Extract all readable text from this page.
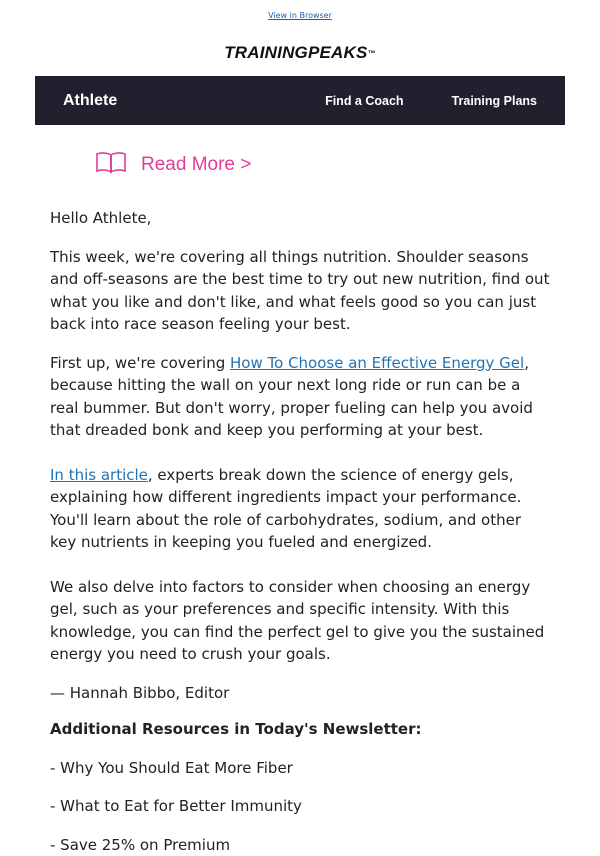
View in Browser
TRAININGPEAKS ™
Athlete	Find a Coach	Training Plans
Read More >

Hello Athlete,

This week, we're covering all things nutrition. Shoulder seasons and off-seasons are the best time to try out new nutrition, find out what you like and don't like, and what feels good so you can just back into race season feeling your best.

First up, we're covering How To Choose an Effective Energy Gel, because hitting the wall on your next long ride or run can be a real bummer. But don't worry, proper fueling can help you avoid that dreaded bonk and keep you performing at your best.

In this article, experts break down the science of energy gels, explaining how different ingredients impact your performance. You'll learn about the role of carbohydrates, sodium, and other key nutrients in keeping you fueled and energized.

We also delve into factors to consider when choosing an energy gel, such as your preferences and specific intensity. With this knowledge, you can find the perfect gel to give you the sustained energy you need to crush your goals.

— Hannah Bibbo, Editor

Additional Resources in Today's Newsletter:

- Why You Should Eat More Fiber

- What to Eat for Better Immunity

- Save 25% on Premium
